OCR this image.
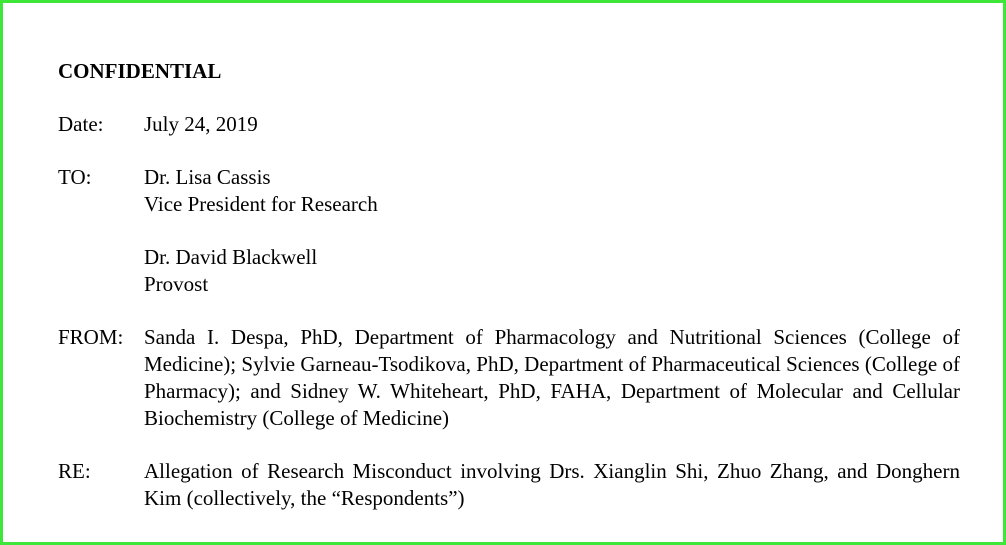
CONFIDENTIAL
Date:	July 24, 2019
TO:	Dr. Lisa Cassis
Vice President for Research
Dr. David Blackwell
Provost
FROM: Sanda I. Despa, PhD, Department of Pharmacology and Nutritional Sciences (College of Medicine); Sylvie Garneau-Tsodikova, PhD, Department of Pharmaceutical Sciences (College of Pharmacy); and Sidney W. Whiteheart, PhD, FAHA, Department of Molecular and Cellular Biochemistry (College of Medicine)
RE:	Allegation of Research Misconduct involving Drs. Xianglin Shi, Zhuo Zhang, and Donghern Kim (collectively, the “Respondents”)
